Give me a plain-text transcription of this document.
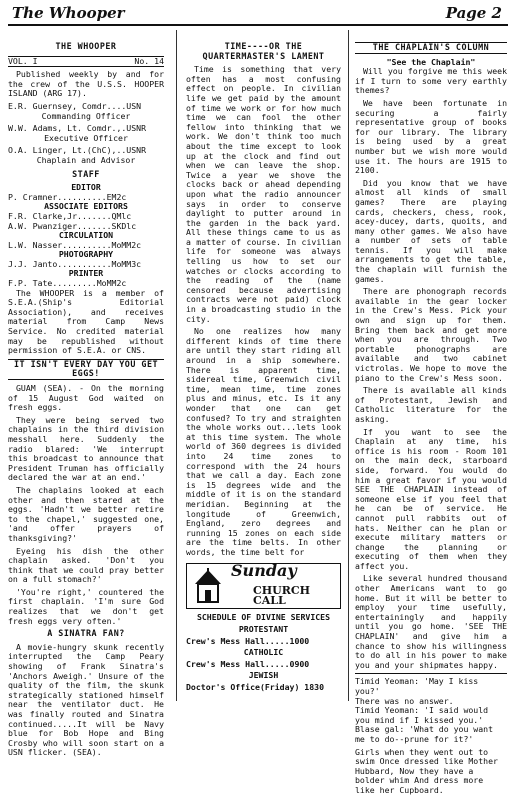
The Whooper	Page 2
THE WHOOPER
VOL. I	No. 14

Published weekly by and for the crew of the U.S.S. HOOPER ISLAND (ARG 17).

E.R. Guernsey, Comdr....USN
Commanding Officer
W.W. Adams, Lt. Comdr.,.USNR
Executive Officer
O.A. Linger, Lt.(ChC),..USNR
Chaplain and Advisor
STAFF
EDITOR
P. Cramner..........EM2c
ASSOCIATE EDITORS
F.R. Clarke,Jr.......QMlc
A.W. Pwanziger.......SKDlc
CIRCULATION
L.W. Nasser..........MoMM2c
PHOTOGRAPHY
J.J. Janto...........MoMM3c
PRINTER
F.P. Tate.........MoMM2c

The WHOOPER is a member of S.E.A.(Ship's Editorial Association), and receives material from Camp News Service. No credited material may be republished without permission of S.E.A. or CNS.

IT ISN'T EVERY DAY YOU GET EGGS!

GUAM (SEA). - On the morning of 15 August God waited on fresh eggs.

They were being served two chaplains in the third division messhall here. Suddenly the radio blared: 'We interrupt this broadcast to announce that President Truman has officially declared the war at an end.'

The chaplains looked at each other and then stared at the eggs. 'Hadn't we better retire to the chapel,' suggested one, 'and offer prayers of thanksgiving?'

Eyeing his dish the other chaplain asked. 'Don't you think that we could pray better on a full stomach?'

'You're right,' countered the first chaplain. 'I'm sure God realizes that we don't get fresh eggs very often.'

A SINATRA FAN?

A movie-hungry skunk recently interrupted the Camp Peary showing of Frank Sinatra's 'Anchors Aweigh.' Unsure of the quality of the film, the skunk strategically stationed himself near the ventilator duct. He was finally routed and Sinatra continued.....It will be Navy blue for Bob Hope and Bing Crosby who will soon start on a USN flicker. (SEA).

TIME----OR THE QUARTERMASTER'S LAMENT

Time is something that very often has a most confusing effect on people. In civilian life we get paid by the amount of time we work or for how much time we can fool the other fellow into thinking that we work. We don't think too much about the time except to look up at the clock and find out when we can leave the shop. Twice a year we shove the clocks back or ahead depending upon what the radio announcer says in order to conserve daylight to putter around in the garden in the back yard. All these things came to us as a matter of course. In civilian life for someone was always telling us how to set our watches or clocks according to the reading of the (name censored because advertising contracts were not paid) clock in a broadcasting studio in the city.

No one realizes how many different kinds of time there are until they start riding all around in a ship somewhere. There is apparent time, sidereal time, Greenwich civil time, mean time, time zones plus and minus, etc. Is it any wonder that one can get confused? To try and straighten the whole works out...lets look at this time system. The whole world of 360 degrees is divided into 24 time zones to correspond with the 24 hours that we call a day. Each zone is 15 degrees wide and the middle of it is on the standard meridian. Beginning at the longitude of Greenwich, England, zero degrees and running 15 zones on each side are the time belts. In other words, the time belt for

Sunday
CHURCH CALL
SCHEDULE OF DIVINE SERVICES
PROTESTANT
Crew's Mess Hall.....1000
CATHOLIC
Crew's Mess Hall.....0900
JEWISH
Doctor's Office(Friday) 1830
THE CHAPLAIN'S COLUMN
"See the Chaplain"

Will you forgive me this week if I turn to some very earthly themes?

We have been fortunate in securing a fairly representative group of books for our library. The library is being used by a great number but we wish more would use it. The hours are 1915 to 2100.

Did you know that we have almost all kinds of small games? There are playing cards, checkers, chess, rook, acey-ducey, darts, quoits, and many other games. We also have a number of sets of table tennis. If you will make arrangements to get the table, the chaplain will furnish the games.

There are phonograph records available in the gear locker in the Crew's Mess. Pick your own and sign up for them. Bring them back and get more when you are through. Two portable phonographs are available and two cabinet victrolas. We hope to move the piano to the Crew's Mess soon.

There is available all kinds of Protestant, Jewish and Catholic literature for the asking.

If you want to see the Chaplain at any time, his office is his room - Room 101 on the main deck, starboard side, forward. You would do him a great favor if you would SEE THE CHAPLAIN instead of someone else if you feel that he can be of service. He cannot pull rabbits out of hats. Neither can he plan or execute military matters or change the planning or executing of them when they affect you.

Like several hundred thousand other Americans want to go home. But it will be better to employ your time usefully, entertainingly and happily until you go home. 'SEE THE CHAPLAIN' and give him a chance to show his willingness to do all in his power to make you and your shipmates happy.

Timid Yeoman: 'May I kiss you?'
There was no answer.
Timid Yeoman: 'I said would you mind if I kissed you.'
Blase gal: 'What do you want me to do--prune for it?'
Girls when they went out to swim Once dressed like Mother Hubbard, Now they have a bolder whim And dress more like her Cupboard.
